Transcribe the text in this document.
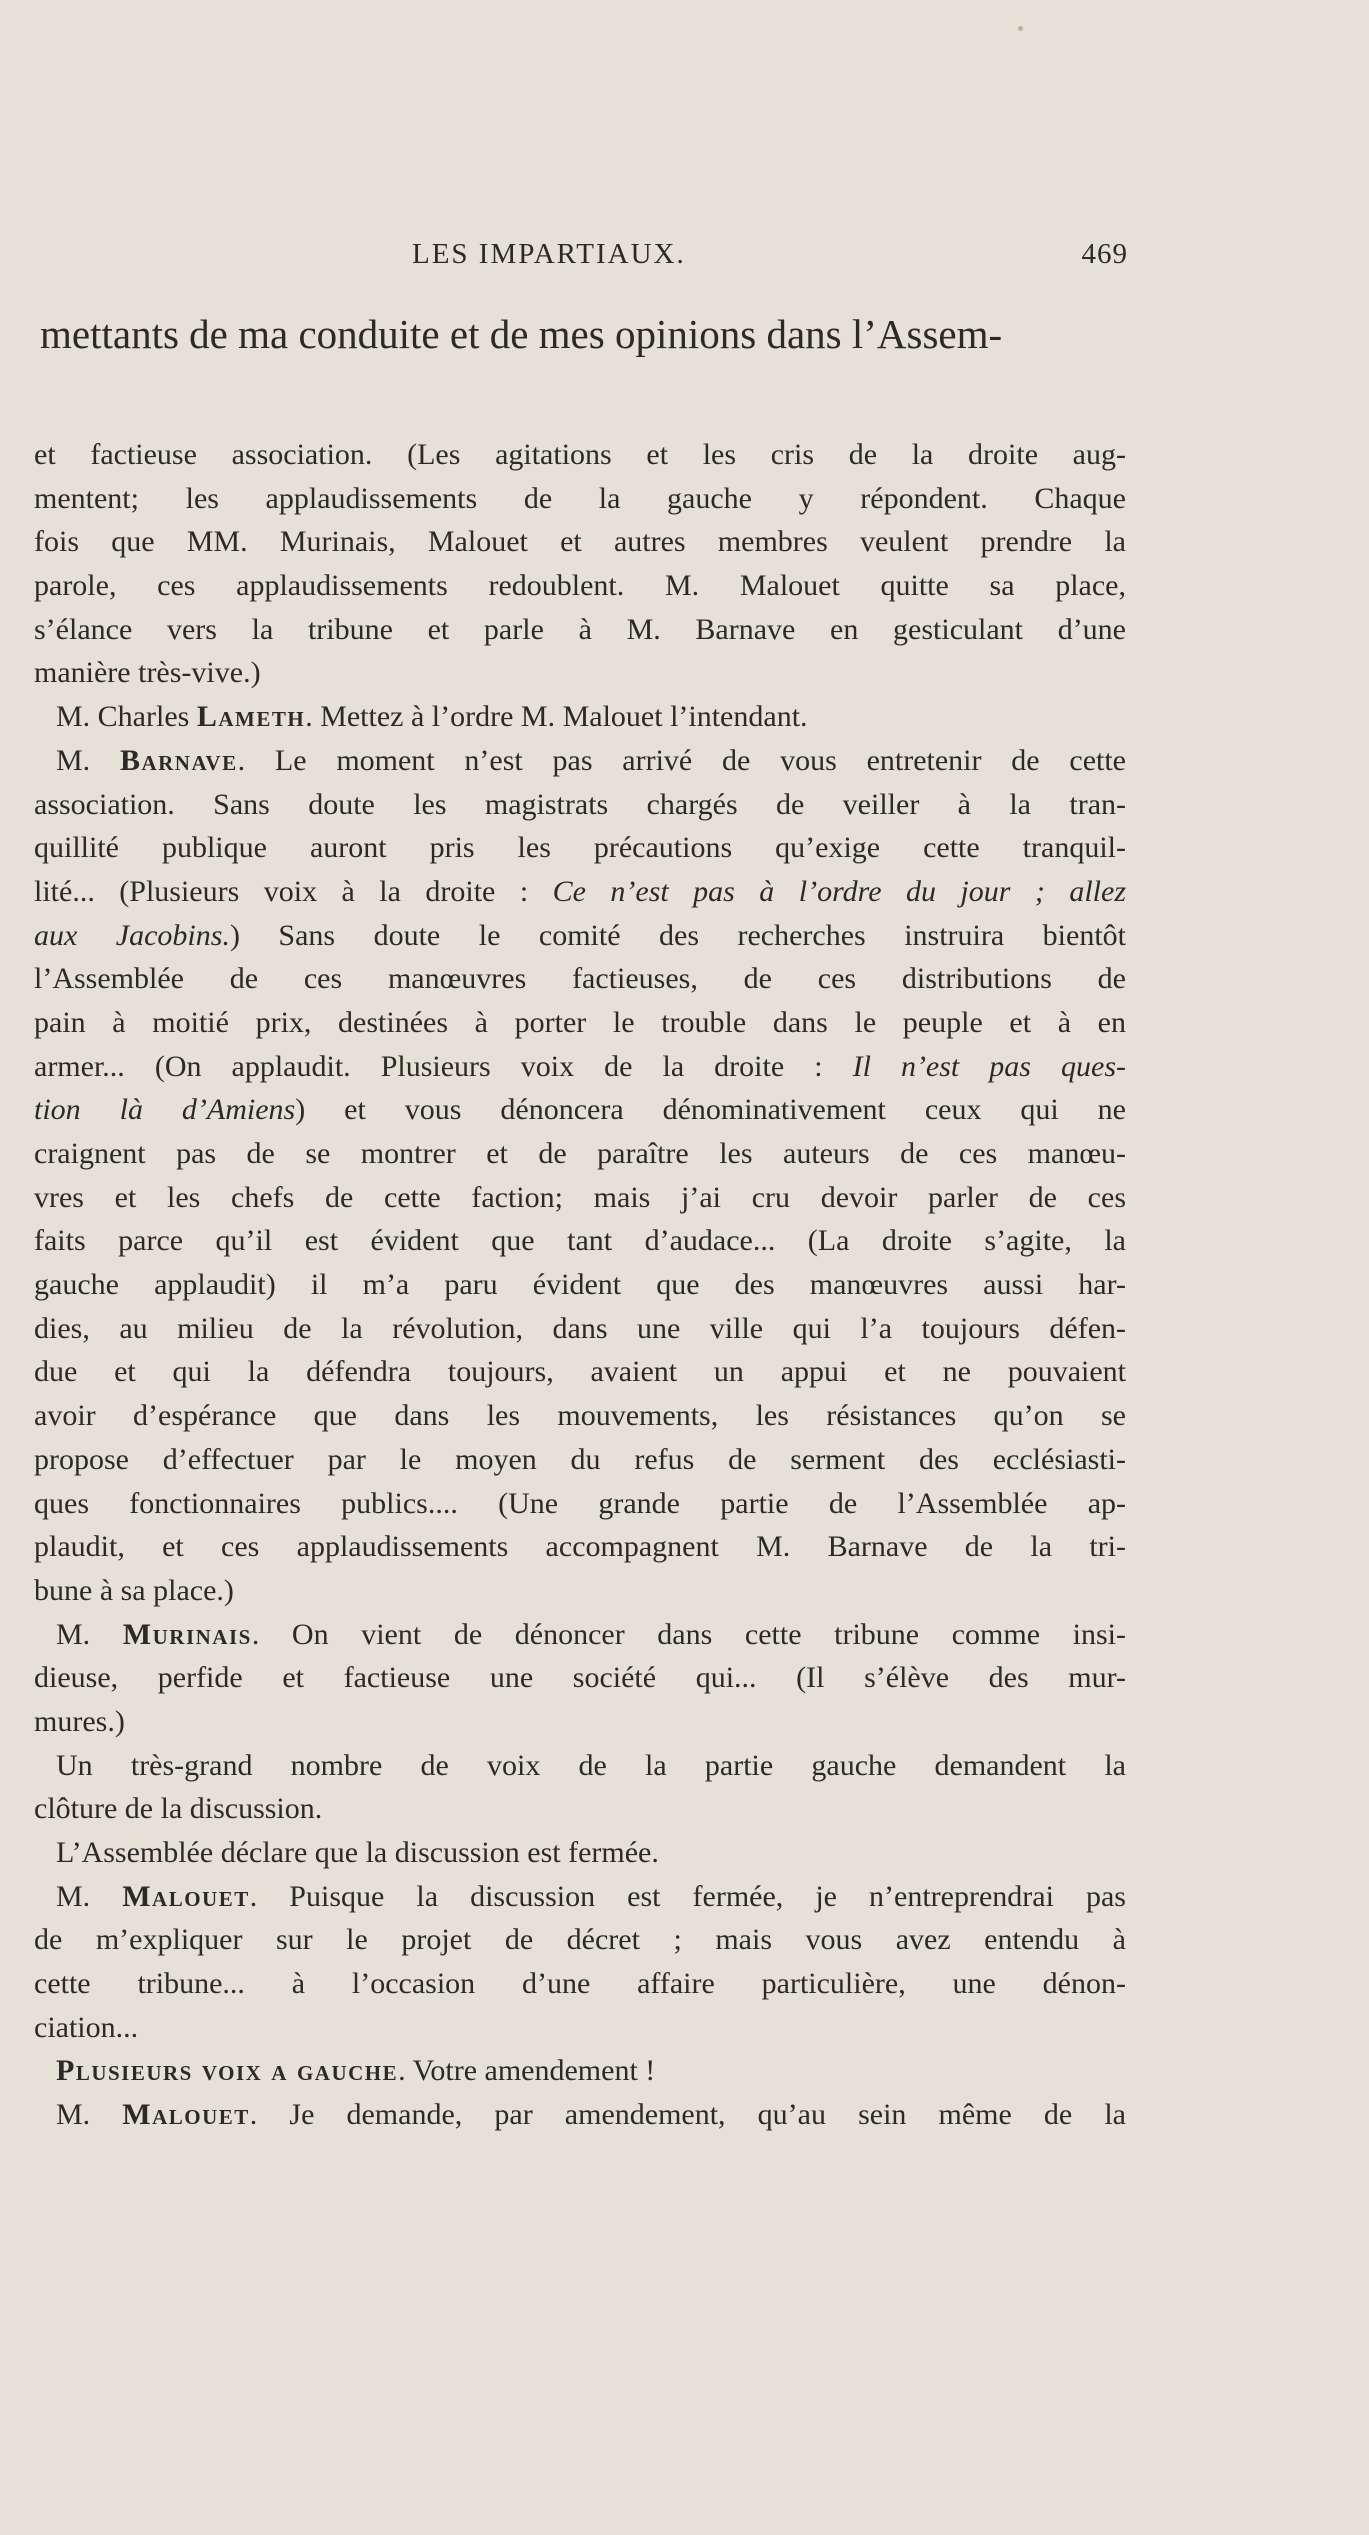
LES IMPARTIAUX.	469
mettants de ma conduite et de mes opinions dans l’Assem-
et factieuse association. (Les agitations et les cris de la droite aug-
mentent; les applaudissements de la gauche y répondent. Chaque
fois que MM. Murinais, Malouet et autres membres veulent prendre la
parole, ces applaudissements redoublent. M. Malouet quitte sa place,
s’élance vers la tribune et parle à M. Barnave en gesticulant d’une
manière très-vive.)
M. Charles Lameth. Mettez à l’ordre M. Malouet l’intendant.
M. Barnave. Le moment n’est pas arrivé de vous entretenir de cette
association. Sans doute les magistrats chargés de veiller à la tran-
quillité publique auront pris les précautions qu’exige cette tranquil-
lité... (Plusieurs voix à la droite : Ce n’est pas à l’ordre du jour ; allez
aux Jacobins.) Sans doute le comité des recherches instruira bientôt
l’Assemblée de ces manœuvres factieuses, de ces distributions de
pain à moitié prix, destinées à porter le trouble dans le peuple et à en
armer... (On applaudit. Plusieurs voix de la droite : Il n’est pas ques-
tion là d’Amiens) et vous dénoncera dénominativement ceux qui ne
craignent pas de se montrer et de paraître les auteurs de ces manœu-
vres et les chefs de cette faction; mais j’ai cru devoir parler de ces
faits parce qu’il est évident que tant d’audace... (La droite s’agite, la
gauche applaudit) il m’a paru évident que des manœuvres aussi har-
dies, au milieu de la révolution, dans une ville qui l’a toujours défen-
due et qui la défendra toujours, avaient un appui et ne pouvaient
avoir d’espérance que dans les mouvements, les résistances qu’on se
propose d’effectuer par le moyen du refus de serment des ecclésiasti-
ques fonctionnaires publics.... (Une grande partie de l’Assemblée ap-
plaudit, et ces applaudissements accompagnent M. Barnave de la tri-
bune à sa place.)
M. Murinais. On vient de dénoncer dans cette tribune comme insi-
dieuse, perfide et factieuse une société qui... (Il s’élève des mur-
mures.)
Un très-grand nombre de voix de la partie gauche demandent la
clôture de la discussion.
L’Assemblée déclare que la discussion est fermée.
M. Malouet. Puisque la discussion est fermée, je n’entreprendrai pas
de m’expliquer sur le projet de décret ; mais vous avez entendu à
cette tribune... à l’occasion d’une affaire particulière, une dénon-
ciation...
Plusieurs voix a gauche. Votre amendement !
M. Malouet. Je demande, par amendement, qu’au sein même de la
